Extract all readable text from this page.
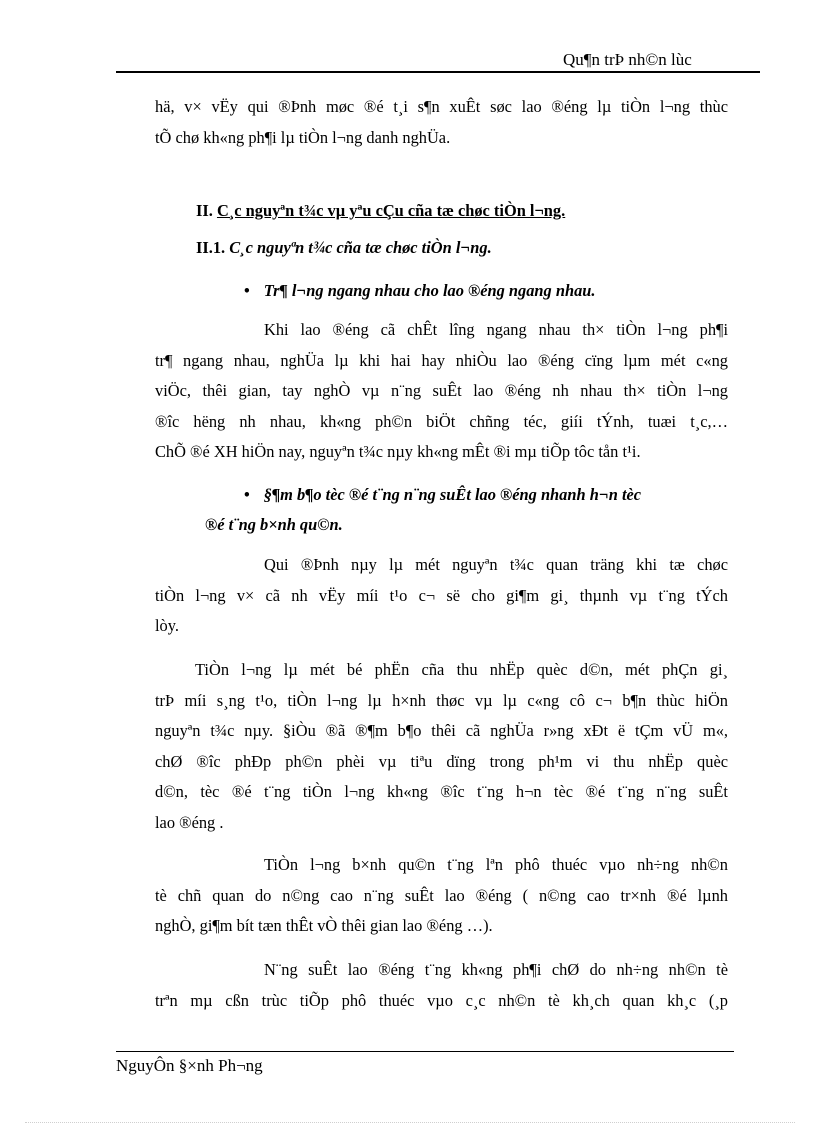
Qu¶n trÞ nh©n lùc
hä, v× vËy qui ®Þnh møc ®é t¸i s¶n xuÊt søc lao ®éng lµ tiÒn l¬ng thùc
tÕ chø kh«ng ph¶i lµ tiÒn l¬ng danh nghÜa.
II. C¸c nguyªn t¾c vµ yªu cÇu cña tæ chøc tiÒn l¬ng.
II.1. C¸c nguyªn t¾c cña tæ chøc tiÒn l¬ng.
• Tr¶ l¬ng ngang nhau cho lao ®éng ngang nhau.
Khi lao ®éng cã chÊt lîng ngang nhau th× tiÒn l¬ng ph¶i
tr¶ ngang nhau, nghÜa lµ khi hai hay nhiÒu lao ®éng cïng lµm mét c«ng
viÖc, thêi gian, tay nghÒ vµ n¨ng suÊt lao ®éng nh nhau th× tiÒn l¬ng
®îc hëng nh nhau, kh«ng ph©n biÖt chñng téc, giíi tÝnh, tuæi t¸c,…
ChÕ ®é XH hiÖn nay, nguyªn t¾c nµy kh«ng mÊt ®i mµ tiÕp tôc tån t¹i.
• §¶m b¶o tèc ®é t¨ng n¨ng suÊt lao ®éng nhanh h¬n tèc
®é t¨ng b×nh qu©n.
Qui ®Þnh nµy lµ mét nguyªn t¾c quan träng khi tæ chøc
tiÒn l¬ng v× cã nh vËy míi t¹o c¬ së cho gi¶m gi¸ thµnh vµ t¨ng tÝch
lòy.
TiÒn l¬ng lµ mét bé phËn cña thu nhËp quèc d©n, mét phÇn gi¸
trÞ míi s¸ng t¹o, tiÒn l¬ng lµ h×nh thøc vµ lµ c«ng cô c¬ b¶n thùc hiÖn
nguyªn t¾c nµy. §iÒu ®ã ®¶m b¶o thêi cã nghÜa r»ng xÐt ë tÇm vÜ m«,
chØ ®îc phÐp ph©n phèi vµ tiªu dïng trong ph¹m vi thu nhËp quèc
d©n, tèc ®é t¨ng tiÒn l¬ng kh«ng ®îc t¨ng h¬n tèc ®é t¨ng n¨ng suÊt
lao ®éng .
TiÒn l¬ng b×nh qu©n t¨ng lªn phô thuéc vµo nh÷ng nh©n
tè chñ quan do n©ng cao n¨ng suÊt lao ®éng ( n©ng cao tr×nh ®é lµnh
nghÒ, gi¶m bít tæn thÊt vÒ thêi gian lao ®éng …).
N¨ng suÊt lao ®éng t¨ng kh«ng ph¶i chØ do nh÷ng nh©n tè
trªn mµ cßn trùc tiÕp phô thuéc vµo c¸c nh©n tè kh¸ch quan kh¸c (¸p
NguyÔn §×nh Ph¬ng
